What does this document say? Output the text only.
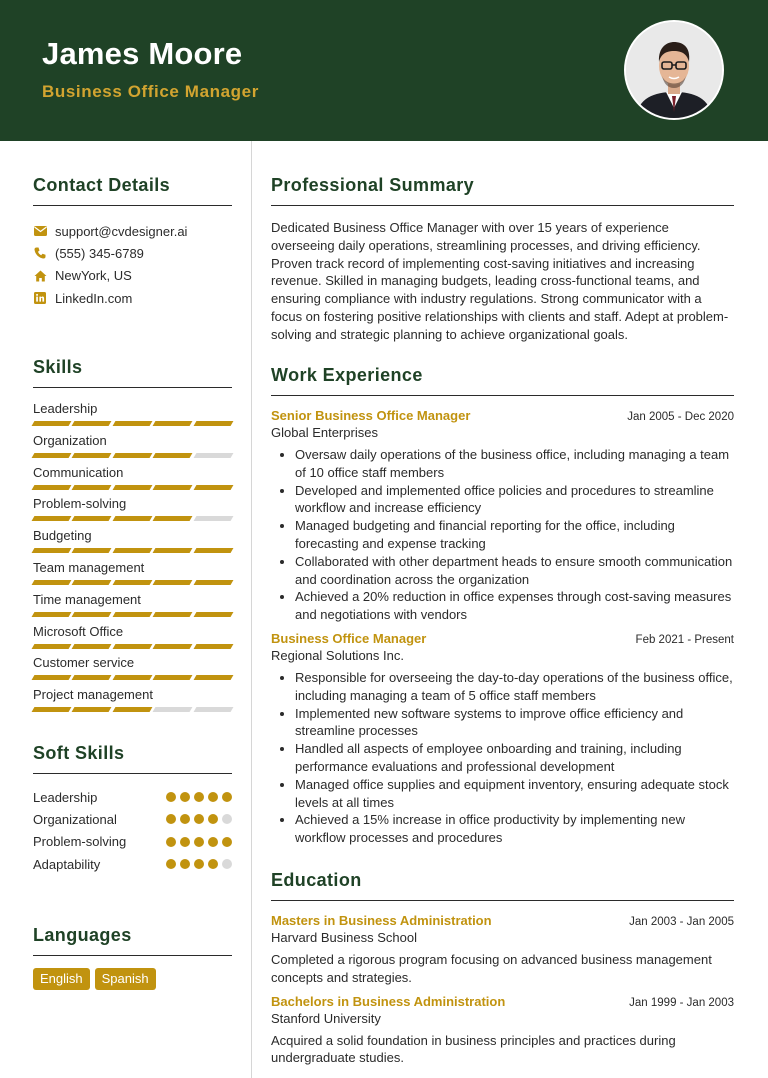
James Moore
Business Office Manager
Contact Details
support@cvdesigner.ai
(555) 345-6789
NewYork, US
LinkedIn.com
Skills
Leadership
Organization
Communication
Problem-solving
Budgeting
Team management
Time management
Microsoft Office
Customer service
Project management
Soft Skills
Leadership
Organizational
Problem-solving
Adaptability
Languages
English	Spanish
Professional Summary

Dedicated Business Office Manager with over 15 years of experience overseeing daily operations, streamlining processes, and driving efficiency. Proven track record of implementing cost-saving initiatives and increasing revenue. Skilled in managing budgets, leading cross-functional teams, and ensuring compliance with industry regulations. Strong communicator with a focus on fostering positive relationships with clients and staff. Adept at problem-solving and strategic planning to achieve organizational goals.

Work Experience
Senior Business Office Manager	Jan 2005 - Dec 2020
Global Enterprises
• Oversaw daily operations of the business office, including managing a team of 10 office staff members
• Developed and implemented office policies and procedures to streamline workflow and increase efficiency
• Managed budgeting and financial reporting for the office, including forecasting and expense tracking
• Collaborated with other department heads to ensure smooth communication and coordination across the organization
• Achieved a 20% reduction in office expenses through cost-saving measures and negotiations with vendors
Business Office Manager	Feb 2021 - Present
Regional Solutions Inc.
• Responsible for overseeing the day-to-day operations of the business office, including managing a team of 5 office staff members
• Implemented new software systems to improve office efficiency and streamline processes
• Handled all aspects of employee onboarding and training, including performance evaluations and professional development
• Managed office supplies and equipment inventory, ensuring adequate stock levels at all times
• Achieved a 15% increase in office productivity by implementing new workflow processes and procedures
Education
Masters in Business Administration	Jan 2003 - Jan 2005
Harvard Business School

Completed a rigorous program focusing on advanced business management concepts and strategies.

Bachelors in Business Administration	Jan 1999 - Jan 2003
Stanford University

Acquired a solid foundation in business principles and practices during undergraduate studies.
